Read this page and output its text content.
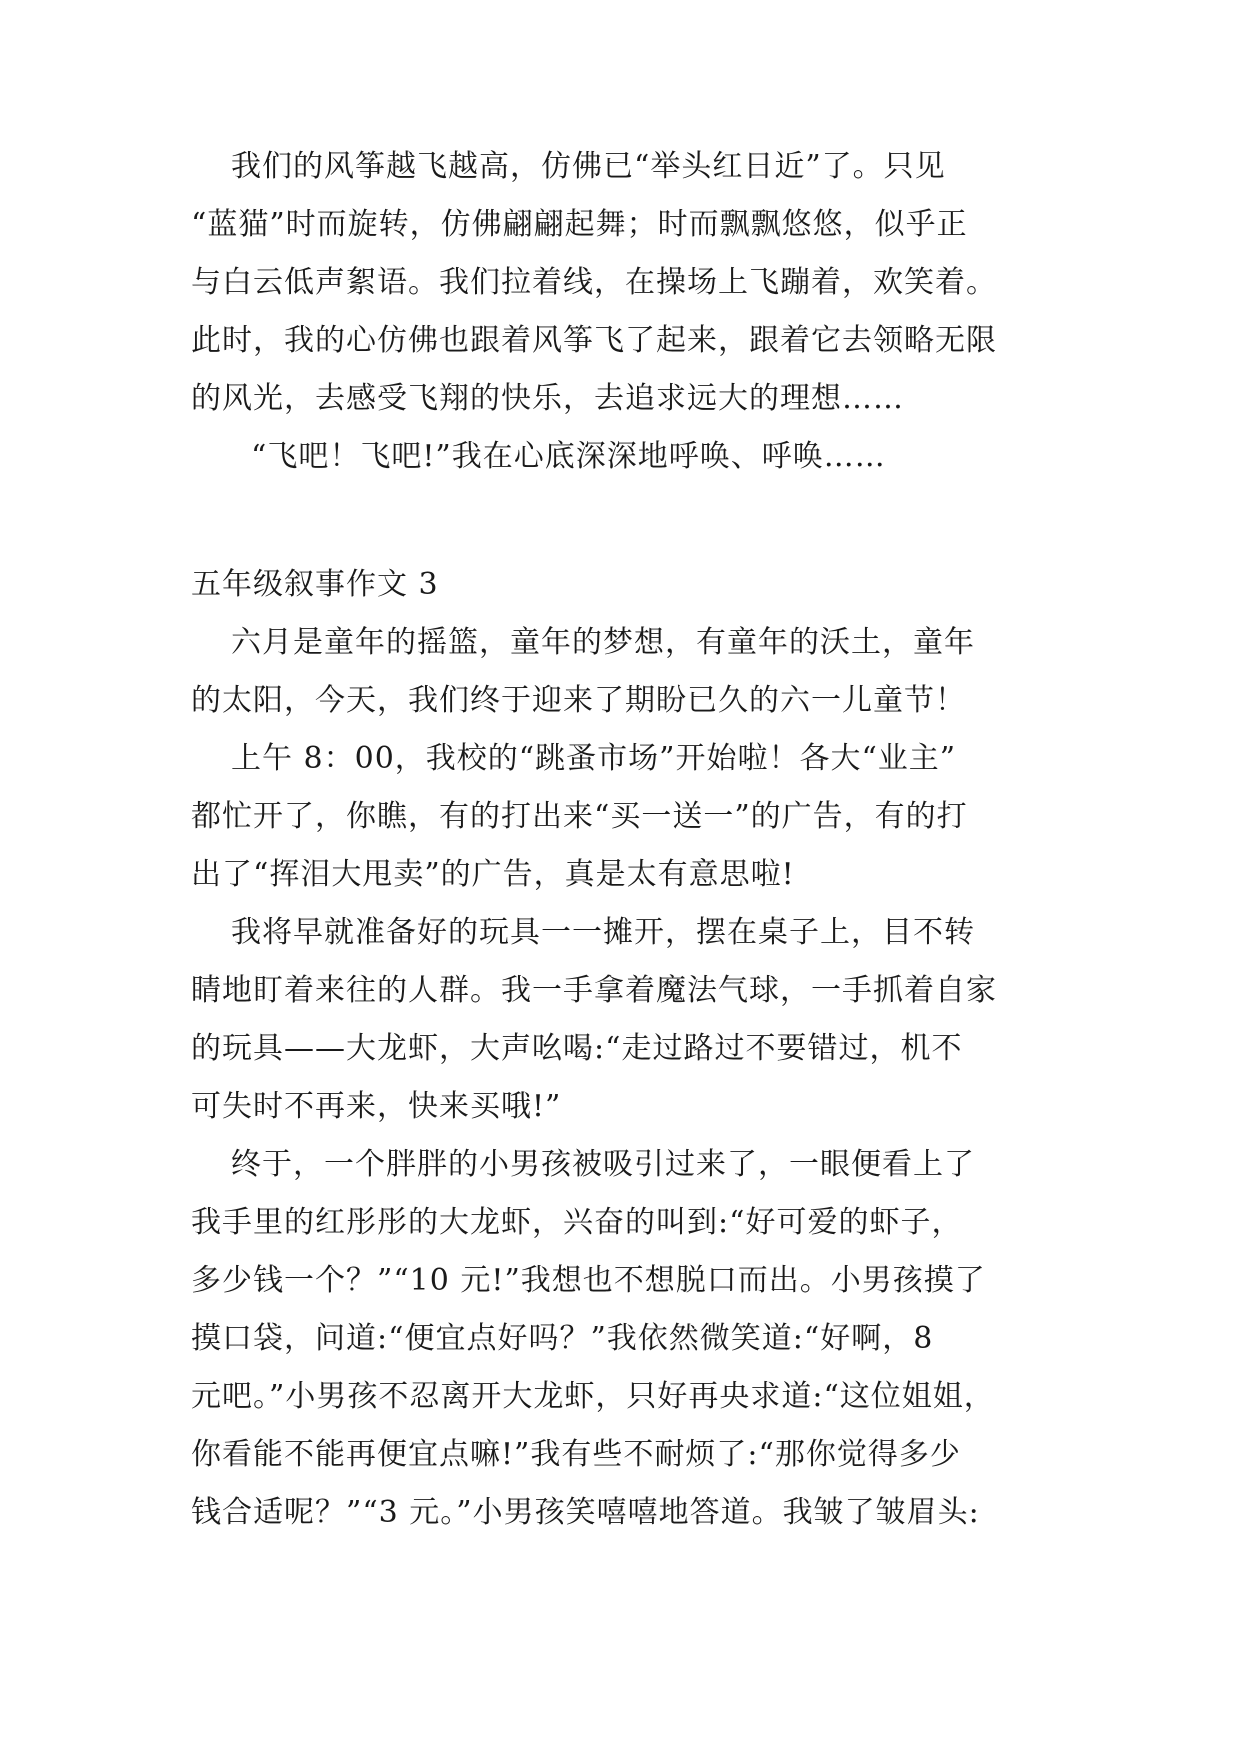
我们的风筝越飞越高，仿佛已“举头红日近”了。只见
“蓝猫”时而旋转，仿佛翩翩起舞；时而飘飘悠悠，似乎正
与白云低声絮语。我们拉着线，在操场上飞蹦着，欢笑着。
此时，我的心仿佛也跟着风筝飞了起来，跟着它去领略无限
的风光，去感受飞翔的快乐，去追求远大的理想……
“飞吧！飞吧!”我在心底深深地呼唤、呼唤……
五年级叙事作文 3
六月是童年的摇篮，童年的梦想，有童年的沃土，童年
的太阳，今天，我们终于迎来了期盼已久的六一儿童节！
上午 8：00，我校的“跳蚤市场”开始啦！各大“业主”
都忙开了，你瞧，有的打出来“买一送一”的广告，有的打
出了“挥泪大甩卖”的广告，真是太有意思啦!
我将早就准备好的玩具一一摊开，摆在桌子上，目不转
睛地盯着来往的人群。我一手拿着魔法气球，一手抓着自家
的玩具——大龙虾，大声吆喝:“走过路过不要错过，机不
可失时不再来，快来买哦!”
终于，一个胖胖的小男孩被吸引过来了，一眼便看上了
我手里的红彤彤的大龙虾，兴奋的叫到:“好可爱的虾子，
多少钱一个？”“10 元!”我想也不想脱口而出。小男孩摸了
摸口袋，问道:“便宜点好吗？”我依然微笑道:“好啊，8
元吧。”小男孩不忍离开大龙虾，只好再央求道:“这位姐姐，
你看能不能再便宜点嘛!”我有些不耐烦了:“那你觉得多少
钱合适呢？”“3 元。”小男孩笑嘻嘻地答道。我皱了皱眉头:
